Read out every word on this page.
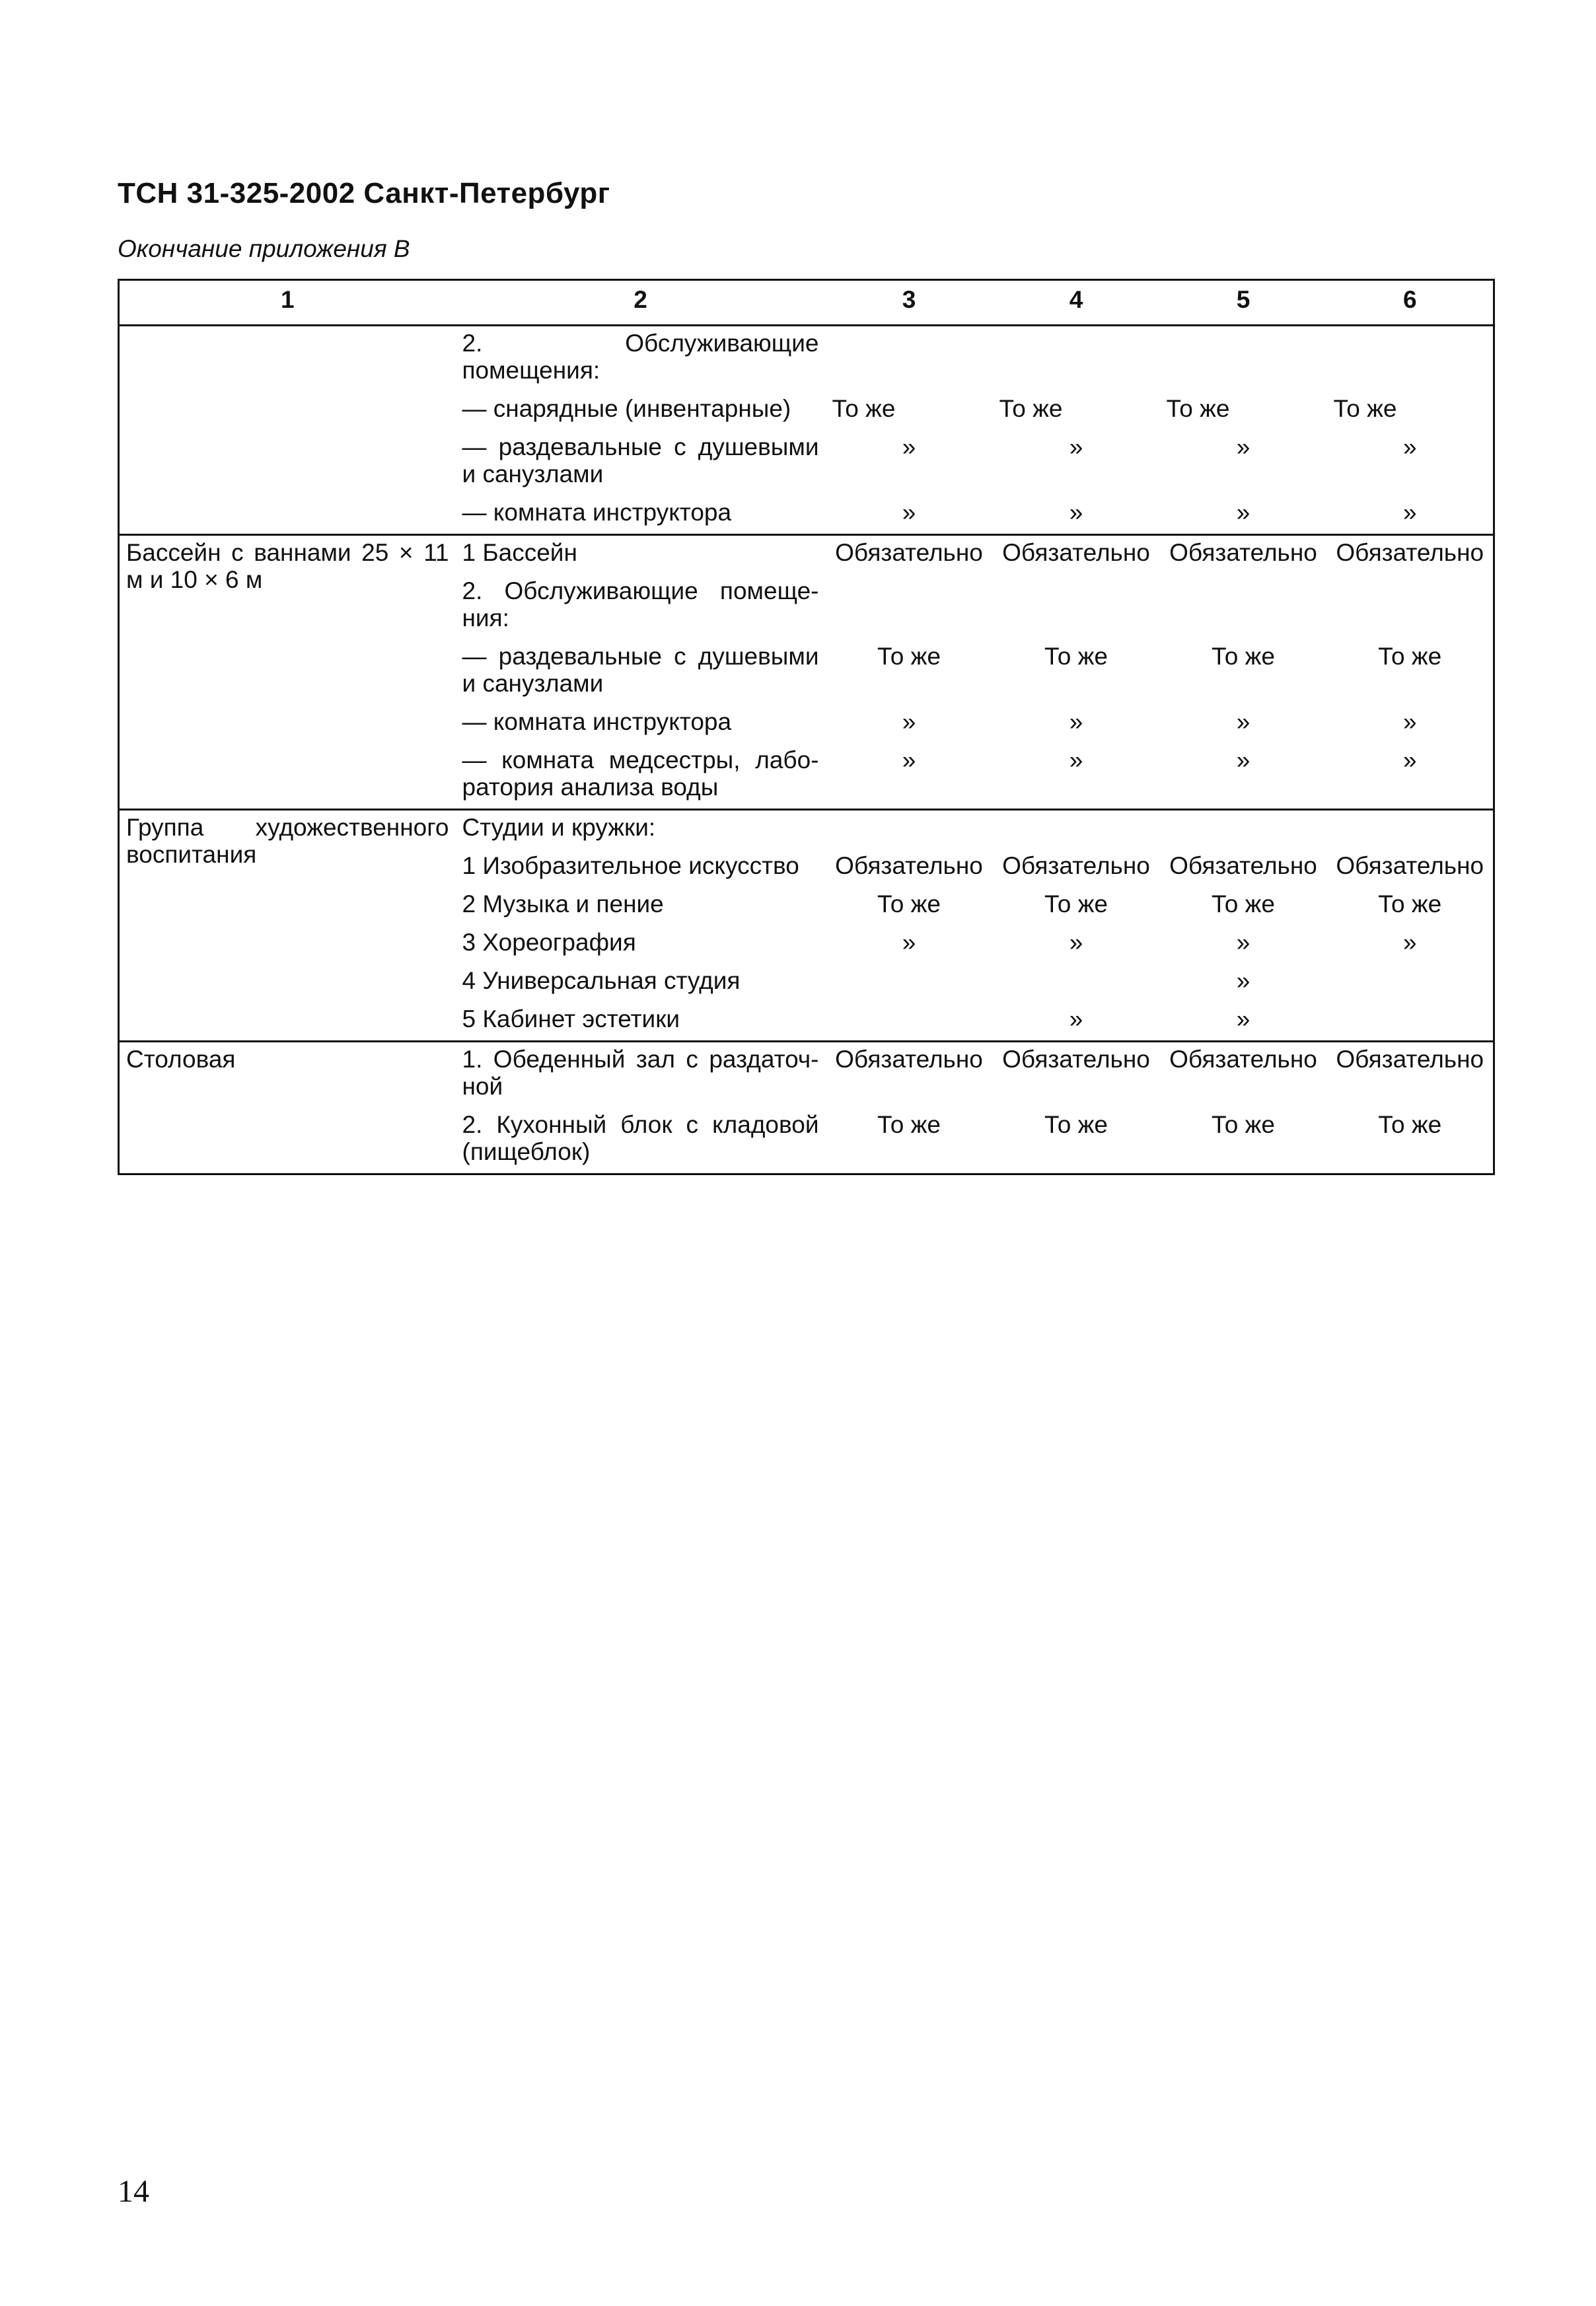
ТСН 31-325-2002 Санкт-Петербург

Окончание приложения В

1	2	3	4	5	6
	2. Обслуживающие помещения:				
	— снарядные (инвентарные)	То же	То же	То же	То же
	— раздевальные с душевыми и санузлами	»	»	»	»
	— комната инструктора	»	»	»	»
Бассейн с ваннами 25 × 11 м и 10 × 6 м	1 Бассейн	Обязательно	Обязательно	Обязательно	Обязательно
	2. Обслуживающие помеще-ния:				
	— раздевальные с душевыми и санузлами	То же	То же	То же	То же
	— комната инструктора	»	»	»	»
	— комната медсестры, лабо-ратория анализа воды	»	»	»	»
Группа художественного воспитания	Студии и кружки:				
	1 Изобразительное искусство	Обязательно	Обязательно	Обязательно	Обязательно
	2 Музыка и пение	То же	То же	То же	То же
	3 Хореография	»	»	»	»
	4 Универсальная студия			»	
	5 Кабинет эстетики		»	»	
Столовая	1. Обеденный зал с раздаточ-ной	Обязательно	Обязательно	Обязательно	Обязательно
	2. Кухонный блок с кладовой (пищеблок)	То же	То же	То же	То же
14
